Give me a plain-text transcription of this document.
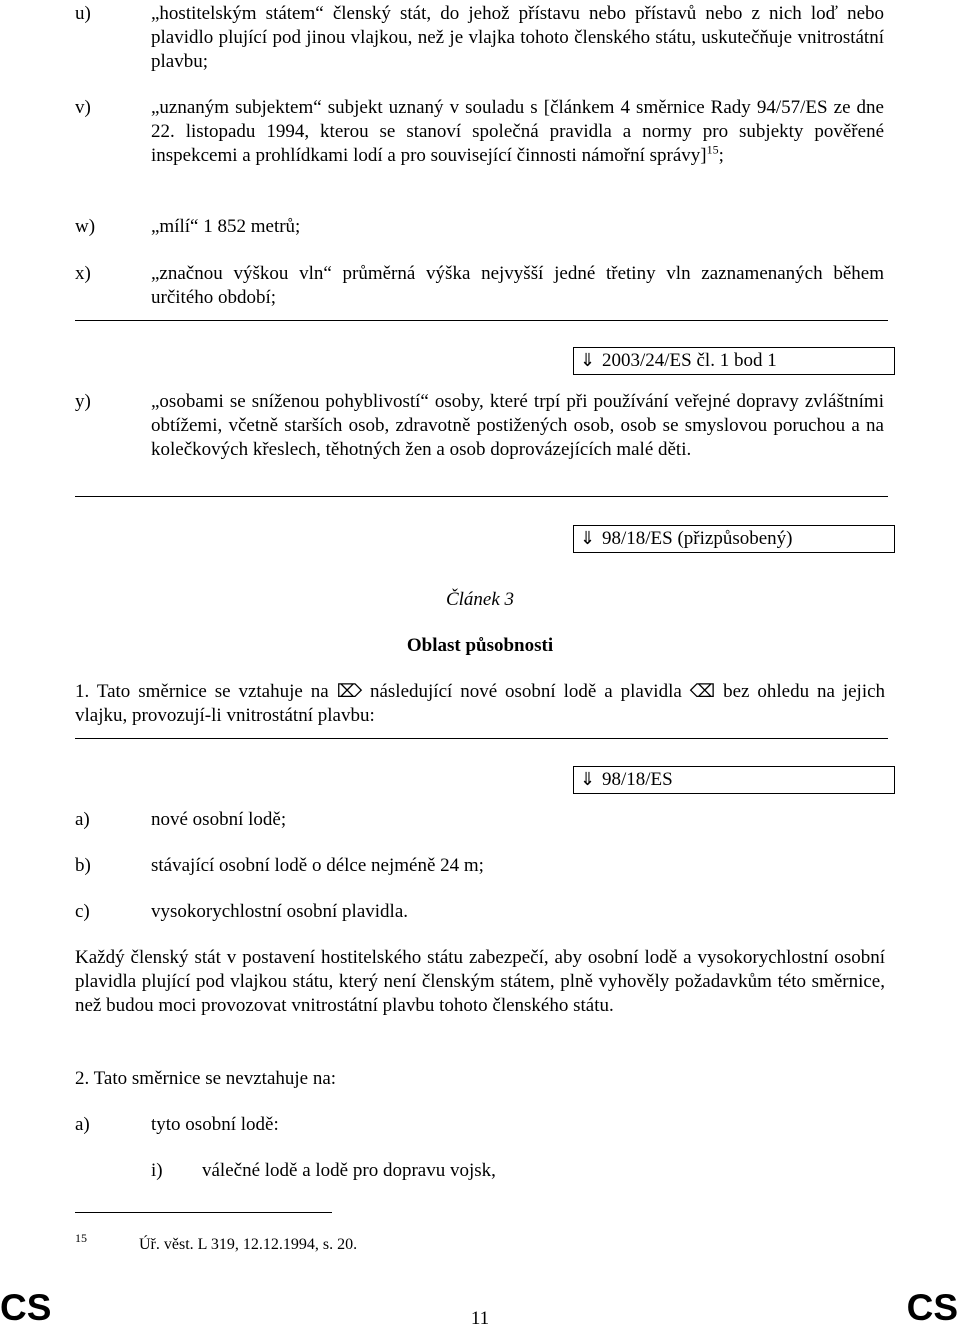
u)	„hostitelským státem“ členský stát, do jehož přístavu nebo přístavů nebo z nich loď nebo plavidlo plující pod jinou vlajkou, než je vlajka tohoto členského státu, uskutečňuje vnitrostátní plavbu;
v)	„uznaným subjektem“ subjekt uznaný v souladu s [článkem 4 směrnice Rady 94/57/ES ze dne 22. listopadu 1994, kterou se stanoví společná pravidla a normy pro subjekty pověřené inspekcemi a prohlídkami lodí a pro související činnosti námořní správy]$^{15}$;
w)	„mílí“ 1 852 metrů;
x)	„značnou výškou vln“ průměrná výška nejvyšší jedné třetiny vln zaznamenaných během určitého období;
⇓ 2003/24/ES čl. 1 bod 1
y)	„osobami se sníženou pohyblivostí“ osoby, které trpí při používání veřejné dopravy zvláštními obtížemi, včetně starších osob, zdravotně postižených osob, osob se smyslovou poruchou a na kolečkových křeslech, těhotných žen a osob doprovázejících malé děti.
⇓ 98/18/ES (přizpůsobený)
Článek 3
Oblast působnosti
1. Tato směrnice se vztahuje na ⌦ následující nové osobní lodě a plavidla ⌫ bez ohledu na jejich vlajku, provozují-li vnitrostátní plavbu:
⇓ 98/18/ES
a)	nové osobní lodě;
b)	stávající osobní lodě o délce nejméně 24 m;
c)	vysokorychlostní osobní plavidla.
Každý členský stát v postavení hostitelského státu zabezpečí, aby osobní lodě a vysokorychlostní osobní plavidla plující pod vlajkou státu, který není členským státem, plně vyhověly požadavkům této směrnice, než budou moci provozovat vnitrostátní plavbu tohoto členského státu.
2. Tato směrnice se nevztahuje na:
a)	tyto osobní lodě:
i) válečné lodě a lodě pro dopravu vojsk,
15	Úř. věst. L 319, 12.12.1994, s. 20.
CS	11	CS
